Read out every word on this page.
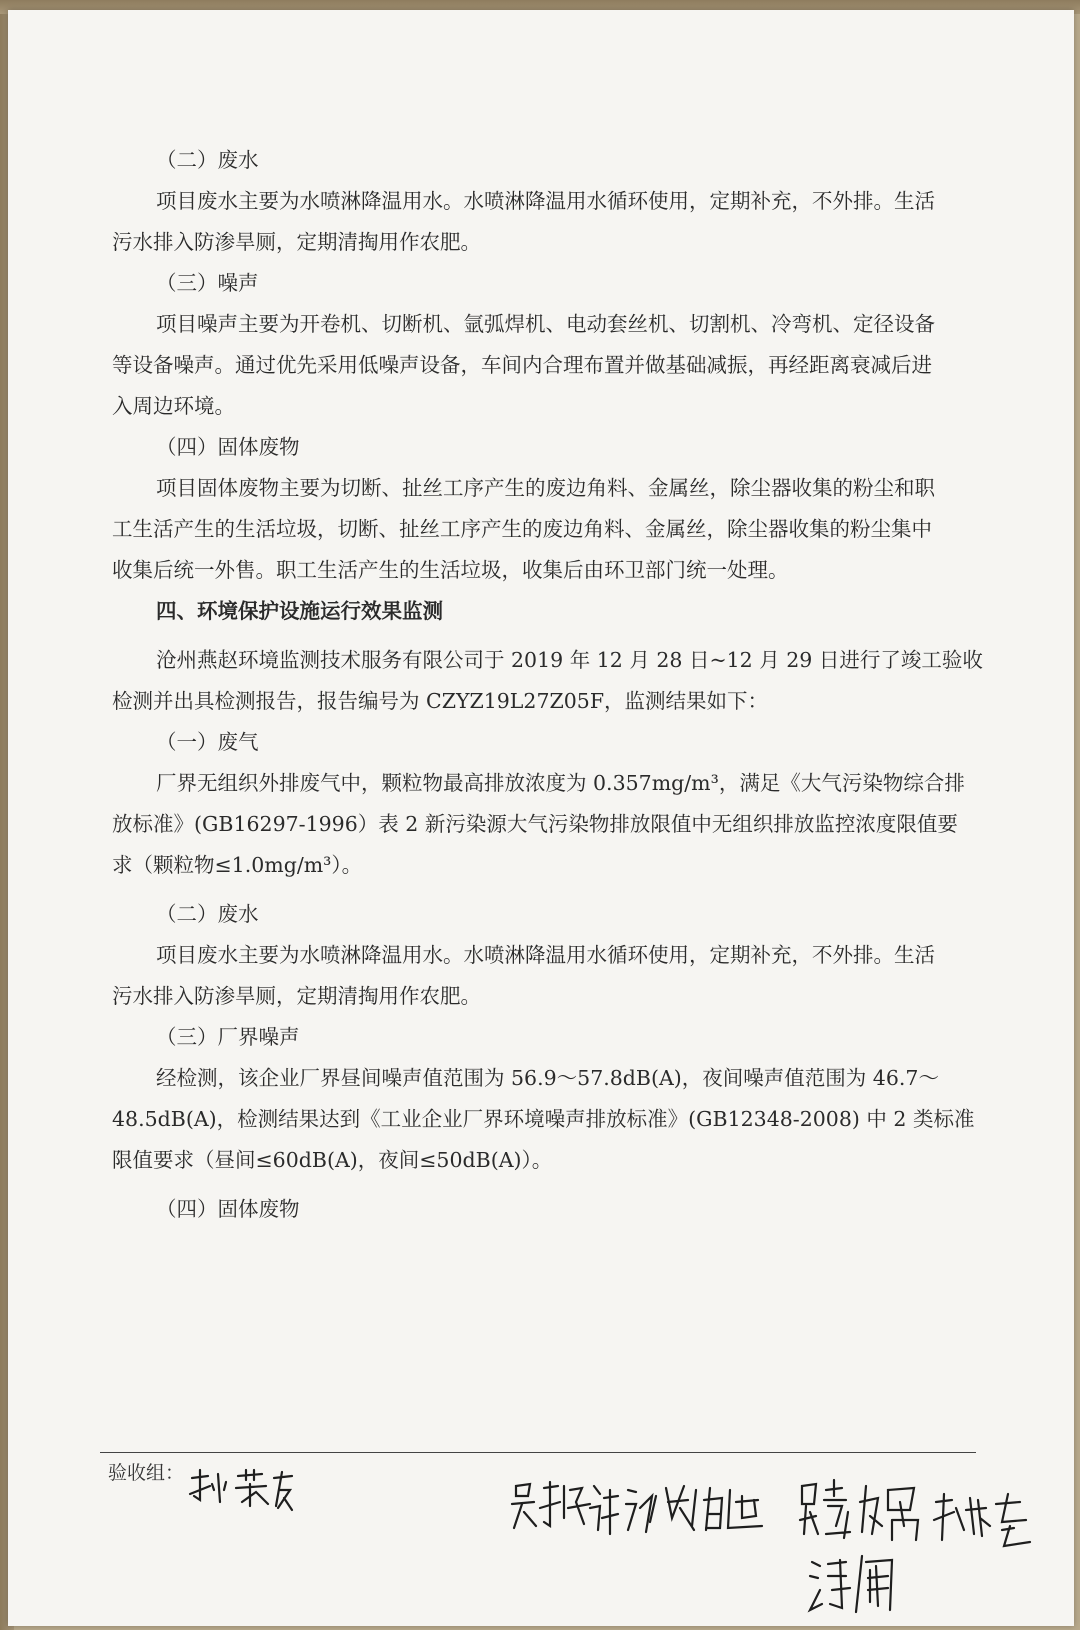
（二）废水
项目废水主要为水喷淋降温用水。水喷淋降温用水循环使用，定期补充，不外排。生活
污水排入防渗旱厕，定期清掏用作农肥。
（三）噪声
项目噪声主要为开卷机、切断机、氩弧焊机、电动套丝机、切割机、冷弯机、定径设备
等设备噪声。通过优先采用低噪声设备，车间内合理布置并做基础减振，再经距离衰减后进
入周边环境。
（四）固体废物
项目固体废物主要为切断、扯丝工序产生的废边角料、金属丝，除尘器收集的粉尘和职
工生活产生的生活垃圾，切断、扯丝工序产生的废边角料、金属丝，除尘器收集的粉尘集中
收集后统一外售。职工生活产生的生活垃圾，收集后由环卫部门统一处理。
四、环境保护设施运行效果监测
沧州燕赵环境监测技术服务有限公司于 2019 年 12 月 28 日~12 月 29 日进行了竣工验收
检测并出具检测报告，报告编号为 CZYZ19L27Z05F，监测结果如下：
（一）废气
厂界无组织外排废气中，颗粒物最高排放浓度为 0.357mg/m³，满足《大气污染物综合排
放标准》(GB16297-1996）表 2 新污染源大气污染物排放限值中无组织排放监控浓度限值要
求（颗粒物≤1.0mg/m³）。
（二）废水
项目废水主要为水喷淋降温用水。水喷淋降温用水循环使用，定期补充，不外排。生活
污水排入防渗旱厕，定期清掏用作农肥。
（三）厂界噪声
经检测，该企业厂界昼间噪声值范围为 56.9～57.8dB(A)，夜间噪声值范围为 46.7～
48.5dB(A)，检测结果达到《工业企业厂界环境噪声排放标准》(GB12348-2008) 中 2 类标准
限值要求（昼间≤60dB(A)，夜间≤50dB(A)）。
（四）固体废物
验收组：
